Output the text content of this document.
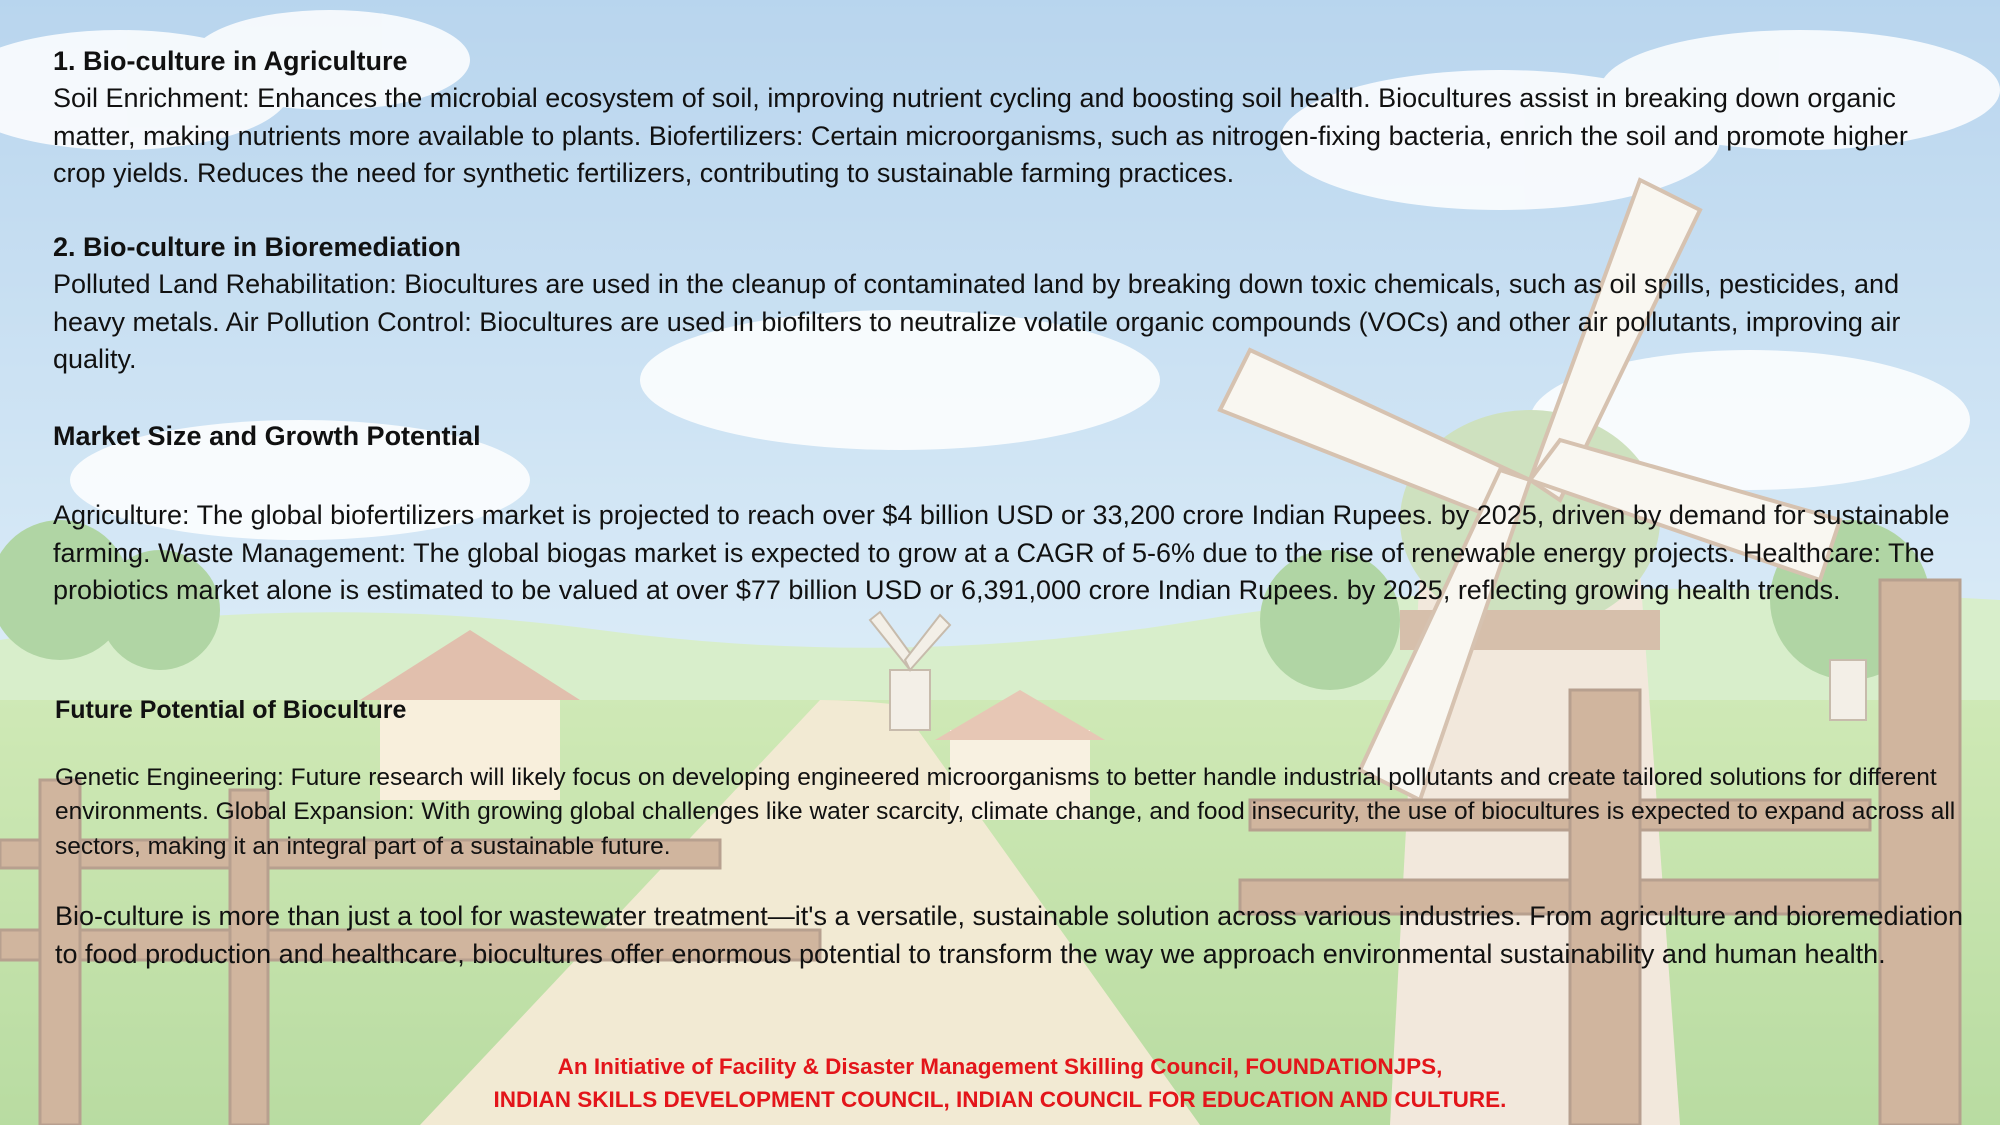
1. Bio-culture in Agriculture

Soil Enrichment: Enhances the microbial ecosystem of soil, improving nutrient cycling and boosting soil health. Biocultures assist in breaking down organic matter, making nutrients more available to plants. Biofertilizers: Certain microorganisms, such as nitrogen-fixing bacteria, enrich the soil and promote higher crop yields. Reduces the need for synthetic fertilizers, contributing to sustainable farming practices.

2. Bio-culture in Bioremediation

Polluted Land Rehabilitation: Biocultures are used in the cleanup of contaminated land by breaking down toxic chemicals, such as oil spills, pesticides, and heavy metals. Air Pollution Control: Biocultures are used in biofilters to neutralize volatile organic compounds (VOCs) and other air pollutants, improving air quality.

Market Size and Growth Potential

Agriculture: The global biofertilizers market is projected to reach over $4 billion USD or 33,200 crore Indian Rupees. by 2025, driven by demand for sustainable farming. Waste Management: The global biogas market is expected to grow at a CAGR of 5-6% due to the rise of renewable energy projects. Healthcare: The probiotics market alone is estimated to be valued at over $77 billion USD or 6,391,000 crore Indian Rupees. by 2025, reflecting growing health trends.

Future Potential of Bioculture

Genetic Engineering: Future research will likely focus on developing engineered microorganisms to better handle industrial pollutants and create tailored solutions for different environments. Global Expansion: With growing global challenges like water scarcity, climate change, and food insecurity, the use of biocultures is expected to expand across all sectors, making it an integral part of a sustainable future.

Bio-culture is more than just a tool for wastewater treatment—it's a versatile, sustainable solution across various industries. From agriculture and bioremediation to food production and healthcare, biocultures offer enormous potential to transform the way we approach environmental sustainability and human health.

An Initiative of Facility & Disaster Management Skilling Council, FOUNDATIONJPS,
INDIAN SKILLS DEVELOPMENT COUNCIL, INDIAN COUNCIL FOR EDUCATION AND CULTURE.
